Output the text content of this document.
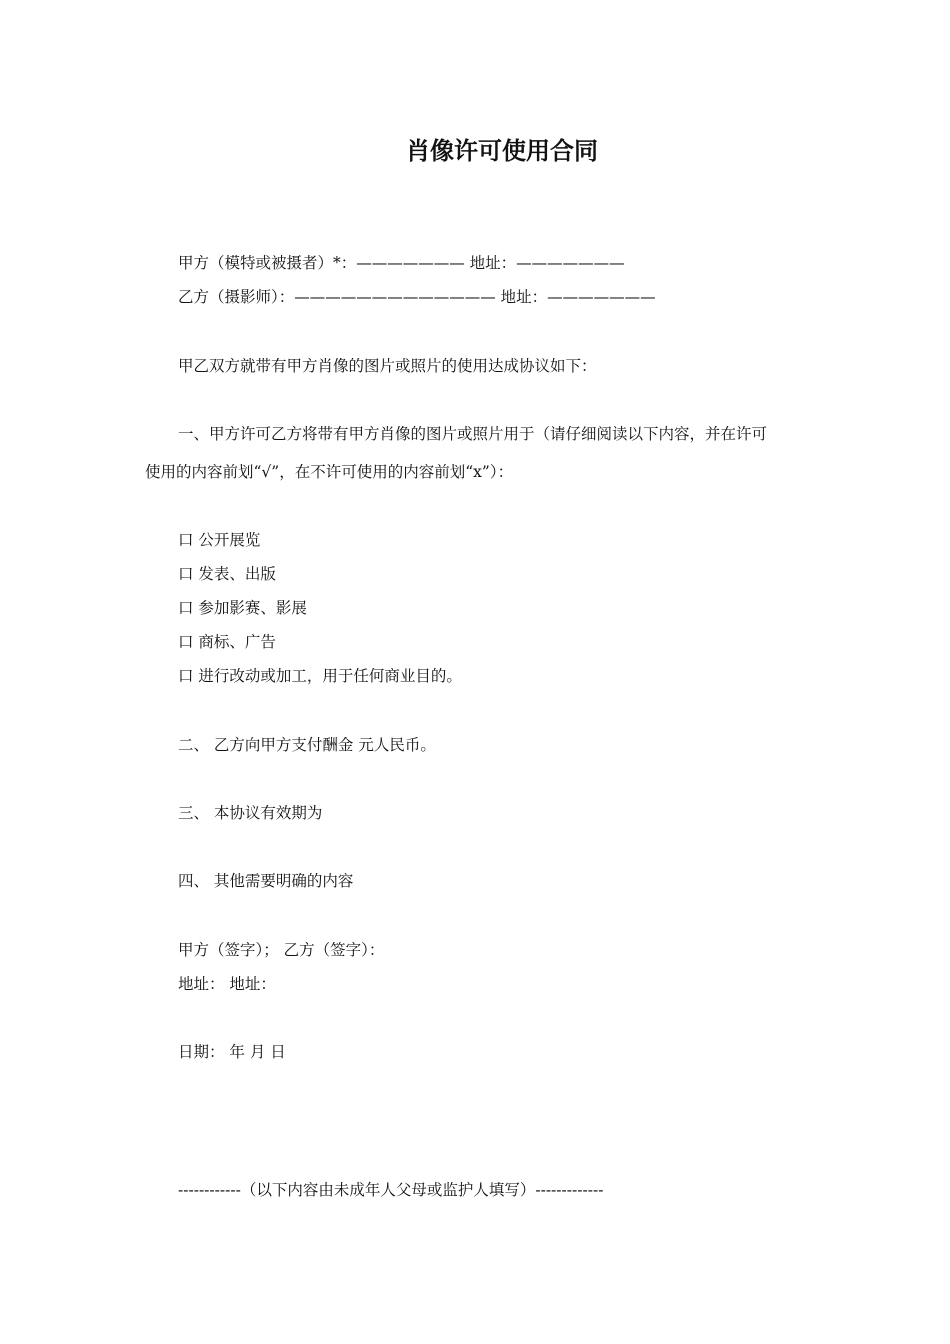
肖像许可使用合同
甲方（模特或被摄者）*：——————— 地址：———————
乙方（摄影师）：————————————— 地址：———————
甲乙双方就带有甲方肖像的图片或照片的使用达成协议如下：
一、甲方许可乙方将带有甲方肖像的图片或照片用于（请仔细阅读以下内容，并在许可
使用的内容前划“√”，在不许可使用的内容前划“x”）：
口 公开展览
口 发表、出版
口 参加影赛、影展
口 商标、广告
口 进行改动或加工，用于任何商业目的。
二、 乙方向甲方支付酬金 元人民币。
三、 本协议有效期为
四、 其他需要明确的内容
甲方（签字）； 乙方（签字）：
地址： 地址：
日期： 年 月 日
------------（以下内容由未成年人父母或监护人填写）-------------
